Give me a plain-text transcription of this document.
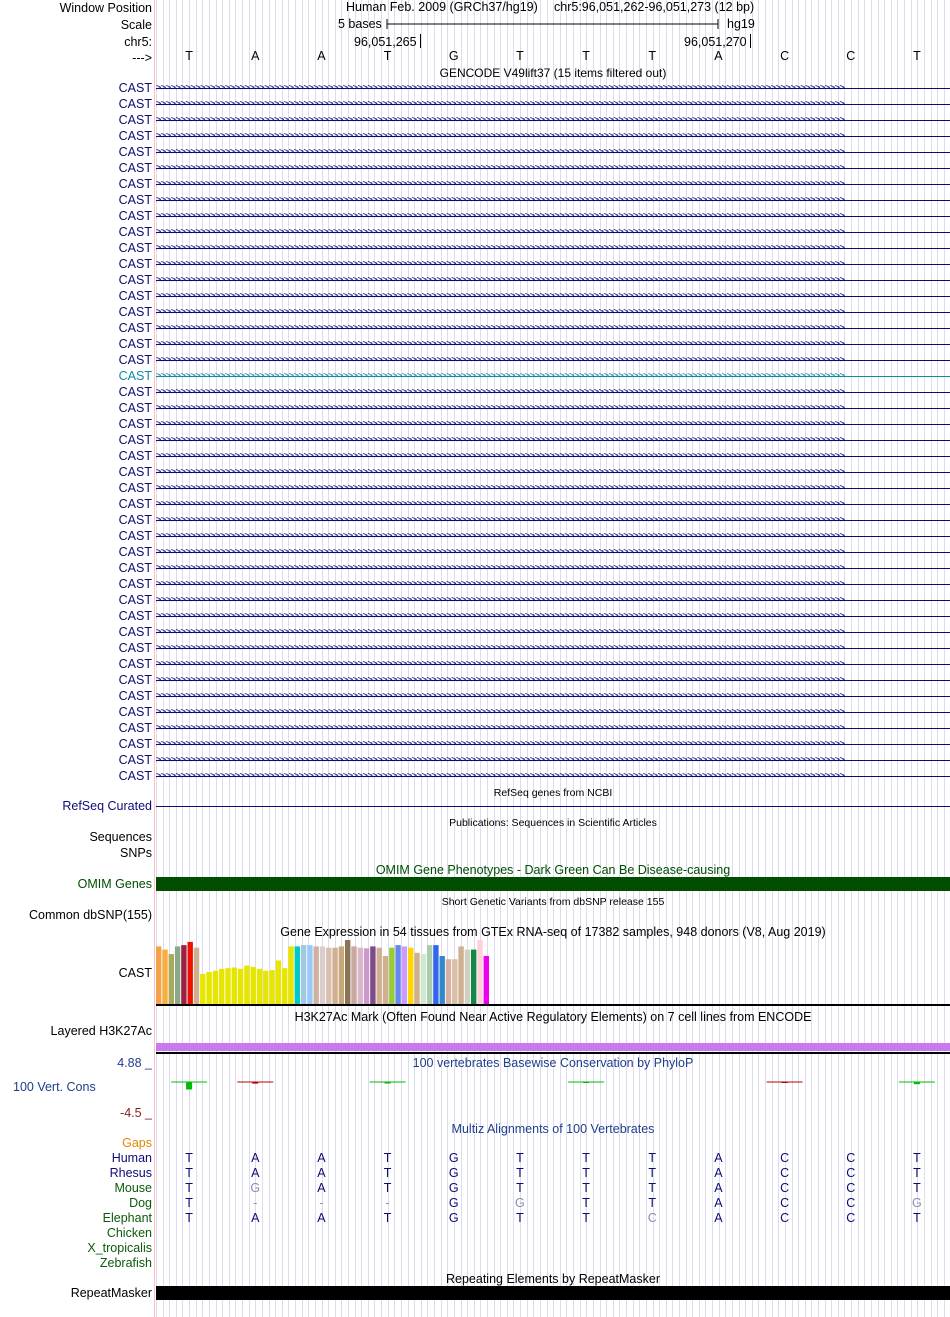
Window Position
Scale
chr5:
--->
Human Feb. 2009 (GRCh37/hg19) chr5:96,051,262-96,051,273 (12 bp)
5 bases	hg19
96,051,265	96,051,270
T	A	A	T	G	T	T	T	A	C	C	T
GENCODE V49lift37 (15 items filtered out)
CAST >>>>>>>>>>>>>>>>>>>>>>>>>>>>>>>>>>>>>>>>>>>>>>>>>>>>>>>>>>>>>>>>>>>>>>>>>>>>>>>>>>>>>>>>>>>>>>>>>>>>>>>>>>>>>>>>>>>>>>>>>>>>>>>>>>>>>>>>>>>>
CAST >>>>>>>>>>>>>>>>>>>>>>>>>>>>>>>>>>>>>>>>>>>>>>>>>>>>>>>>>>>>>>>>>>>>>>>>>>>>>>>>>>>>>>>>>>>>>>>>>>>>>>>>>>>>>>>>>>>>>>>>>>>>>>>>>>>>>>>>>>>>
CAST >>>>>>>>>>>>>>>>>>>>>>>>>>>>>>>>>>>>>>>>>>>>>>>>>>>>>>>>>>>>>>>>>>>>>>>>>>>>>>>>>>>>>>>>>>>>>>>>>>>>>>>>>>>>>>>>>>>>>>>>>>>>>>>>>>>>>>>>>>>>
CAST >>>>>>>>>>>>>>>>>>>>>>>>>>>>>>>>>>>>>>>>>>>>>>>>>>>>>>>>>>>>>>>>>>>>>>>>>>>>>>>>>>>>>>>>>>>>>>>>>>>>>>>>>>>>>>>>>>>>>>>>>>>>>>>>>>>>>>>>>>>>
CAST >>>>>>>>>>>>>>>>>>>>>>>>>>>>>>>>>>>>>>>>>>>>>>>>>>>>>>>>>>>>>>>>>>>>>>>>>>>>>>>>>>>>>>>>>>>>>>>>>>>>>>>>>>>>>>>>>>>>>>>>>>>>>>>>>>>>>>>>>>>>
CAST >>>>>>>>>>>>>>>>>>>>>>>>>>>>>>>>>>>>>>>>>>>>>>>>>>>>>>>>>>>>>>>>>>>>>>>>>>>>>>>>>>>>>>>>>>>>>>>>>>>>>>>>>>>>>>>>>>>>>>>>>>>>>>>>>>>>>>>>>>>>
CAST >>>>>>>>>>>>>>>>>>>>>>>>>>>>>>>>>>>>>>>>>>>>>>>>>>>>>>>>>>>>>>>>>>>>>>>>>>>>>>>>>>>>>>>>>>>>>>>>>>>>>>>>>>>>>>>>>>>>>>>>>>>>>>>>>>>>>>>>>>>>
CAST >>>>>>>>>>>>>>>>>>>>>>>>>>>>>>>>>>>>>>>>>>>>>>>>>>>>>>>>>>>>>>>>>>>>>>>>>>>>>>>>>>>>>>>>>>>>>>>>>>>>>>>>>>>>>>>>>>>>>>>>>>>>>>>>>>>>>>>>>>>>
CAST >>>>>>>>>>>>>>>>>>>>>>>>>>>>>>>>>>>>>>>>>>>>>>>>>>>>>>>>>>>>>>>>>>>>>>>>>>>>>>>>>>>>>>>>>>>>>>>>>>>>>>>>>>>>>>>>>>>>>>>>>>>>>>>>>>>>>>>>>>>>
CAST >>>>>>>>>>>>>>>>>>>>>>>>>>>>>>>>>>>>>>>>>>>>>>>>>>>>>>>>>>>>>>>>>>>>>>>>>>>>>>>>>>>>>>>>>>>>>>>>>>>>>>>>>>>>>>>>>>>>>>>>>>>>>>>>>>>>>>>>>>>>
CAST >>>>>>>>>>>>>>>>>>>>>>>>>>>>>>>>>>>>>>>>>>>>>>>>>>>>>>>>>>>>>>>>>>>>>>>>>>>>>>>>>>>>>>>>>>>>>>>>>>>>>>>>>>>>>>>>>>>>>>>>>>>>>>>>>>>>>>>>>>>>
CAST >>>>>>>>>>>>>>>>>>>>>>>>>>>>>>>>>>>>>>>>>>>>>>>>>>>>>>>>>>>>>>>>>>>>>>>>>>>>>>>>>>>>>>>>>>>>>>>>>>>>>>>>>>>>>>>>>>>>>>>>>>>>>>>>>>>>>>>>>>>>
CAST >>>>>>>>>>>>>>>>>>>>>>>>>>>>>>>>>>>>>>>>>>>>>>>>>>>>>>>>>>>>>>>>>>>>>>>>>>>>>>>>>>>>>>>>>>>>>>>>>>>>>>>>>>>>>>>>>>>>>>>>>>>>>>>>>>>>>>>>>>>>
CAST >>>>>>>>>>>>>>>>>>>>>>>>>>>>>>>>>>>>>>>>>>>>>>>>>>>>>>>>>>>>>>>>>>>>>>>>>>>>>>>>>>>>>>>>>>>>>>>>>>>>>>>>>>>>>>>>>>>>>>>>>>>>>>>>>>>>>>>>>>>>
CAST >>>>>>>>>>>>>>>>>>>>>>>>>>>>>>>>>>>>>>>>>>>>>>>>>>>>>>>>>>>>>>>>>>>>>>>>>>>>>>>>>>>>>>>>>>>>>>>>>>>>>>>>>>>>>>>>>>>>>>>>>>>>>>>>>>>>>>>>>>>>
CAST >>>>>>>>>>>>>>>>>>>>>>>>>>>>>>>>>>>>>>>>>>>>>>>>>>>>>>>>>>>>>>>>>>>>>>>>>>>>>>>>>>>>>>>>>>>>>>>>>>>>>>>>>>>>>>>>>>>>>>>>>>>>>>>>>>>>>>>>>>>>
CAST >>>>>>>>>>>>>>>>>>>>>>>>>>>>>>>>>>>>>>>>>>>>>>>>>>>>>>>>>>>>>>>>>>>>>>>>>>>>>>>>>>>>>>>>>>>>>>>>>>>>>>>>>>>>>>>>>>>>>>>>>>>>>>>>>>>>>>>>>>>>
CAST >>>>>>>>>>>>>>>>>>>>>>>>>>>>>>>>>>>>>>>>>>>>>>>>>>>>>>>>>>>>>>>>>>>>>>>>>>>>>>>>>>>>>>>>>>>>>>>>>>>>>>>>>>>>>>>>>>>>>>>>>>>>>>>>>>>>>>>>>>>>
CAST >>>>>>>>>>>>>>>>>>>>>>>>>>>>>>>>>>>>>>>>>>>>>>>>>>>>>>>>>>>>>>>>>>>>>>>>>>>>>>>>>>>>>>>>>>>>>>>>>>>>>>>>>>>>>>>>>>>>>>>>>>>>>>>>>>>>>>>>>>>>
CAST >>>>>>>>>>>>>>>>>>>>>>>>>>>>>>>>>>>>>>>>>>>>>>>>>>>>>>>>>>>>>>>>>>>>>>>>>>>>>>>>>>>>>>>>>>>>>>>>>>>>>>>>>>>>>>>>>>>>>>>>>>>>>>>>>>>>>>>>>>>>
CAST >>>>>>>>>>>>>>>>>>>>>>>>>>>>>>>>>>>>>>>>>>>>>>>>>>>>>>>>>>>>>>>>>>>>>>>>>>>>>>>>>>>>>>>>>>>>>>>>>>>>>>>>>>>>>>>>>>>>>>>>>>>>>>>>>>>>>>>>>>>>
CAST >>>>>>>>>>>>>>>>>>>>>>>>>>>>>>>>>>>>>>>>>>>>>>>>>>>>>>>>>>>>>>>>>>>>>>>>>>>>>>>>>>>>>>>>>>>>>>>>>>>>>>>>>>>>>>>>>>>>>>>>>>>>>>>>>>>>>>>>>>>>
CAST >>>>>>>>>>>>>>>>>>>>>>>>>>>>>>>>>>>>>>>>>>>>>>>>>>>>>>>>>>>>>>>>>>>>>>>>>>>>>>>>>>>>>>>>>>>>>>>>>>>>>>>>>>>>>>>>>>>>>>>>>>>>>>>>>>>>>>>>>>>>
CAST >>>>>>>>>>>>>>>>>>>>>>>>>>>>>>>>>>>>>>>>>>>>>>>>>>>>>>>>>>>>>>>>>>>>>>>>>>>>>>>>>>>>>>>>>>>>>>>>>>>>>>>>>>>>>>>>>>>>>>>>>>>>>>>>>>>>>>>>>>>>
CAST >>>>>>>>>>>>>>>>>>>>>>>>>>>>>>>>>>>>>>>>>>>>>>>>>>>>>>>>>>>>>>>>>>>>>>>>>>>>>>>>>>>>>>>>>>>>>>>>>>>>>>>>>>>>>>>>>>>>>>>>>>>>>>>>>>>>>>>>>>>>
CAST >>>>>>>>>>>>>>>>>>>>>>>>>>>>>>>>>>>>>>>>>>>>>>>>>>>>>>>>>>>>>>>>>>>>>>>>>>>>>>>>>>>>>>>>>>>>>>>>>>>>>>>>>>>>>>>>>>>>>>>>>>>>>>>>>>>>>>>>>>>>
CAST >>>>>>>>>>>>>>>>>>>>>>>>>>>>>>>>>>>>>>>>>>>>>>>>>>>>>>>>>>>>>>>>>>>>>>>>>>>>>>>>>>>>>>>>>>>>>>>>>>>>>>>>>>>>>>>>>>>>>>>>>>>>>>>>>>>>>>>>>>>>
CAST >>>>>>>>>>>>>>>>>>>>>>>>>>>>>>>>>>>>>>>>>>>>>>>>>>>>>>>>>>>>>>>>>>>>>>>>>>>>>>>>>>>>>>>>>>>>>>>>>>>>>>>>>>>>>>>>>>>>>>>>>>>>>>>>>>>>>>>>>>>>
CAST >>>>>>>>>>>>>>>>>>>>>>>>>>>>>>>>>>>>>>>>>>>>>>>>>>>>>>>>>>>>>>>>>>>>>>>>>>>>>>>>>>>>>>>>>>>>>>>>>>>>>>>>>>>>>>>>>>>>>>>>>>>>>>>>>>>>>>>>>>>>
CAST >>>>>>>>>>>>>>>>>>>>>>>>>>>>>>>>>>>>>>>>>>>>>>>>>>>>>>>>>>>>>>>>>>>>>>>>>>>>>>>>>>>>>>>>>>>>>>>>>>>>>>>>>>>>>>>>>>>>>>>>>>>>>>>>>>>>>>>>>>>>
CAST >>>>>>>>>>>>>>>>>>>>>>>>>>>>>>>>>>>>>>>>>>>>>>>>>>>>>>>>>>>>>>>>>>>>>>>>>>>>>>>>>>>>>>>>>>>>>>>>>>>>>>>>>>>>>>>>>>>>>>>>>>>>>>>>>>>>>>>>>>>>
CAST >>>>>>>>>>>>>>>>>>>>>>>>>>>>>>>>>>>>>>>>>>>>>>>>>>>>>>>>>>>>>>>>>>>>>>>>>>>>>>>>>>>>>>>>>>>>>>>>>>>>>>>>>>>>>>>>>>>>>>>>>>>>>>>>>>>>>>>>>>>>
CAST >>>>>>>>>>>>>>>>>>>>>>>>>>>>>>>>>>>>>>>>>>>>>>>>>>>>>>>>>>>>>>>>>>>>>>>>>>>>>>>>>>>>>>>>>>>>>>>>>>>>>>>>>>>>>>>>>>>>>>>>>>>>>>>>>>>>>>>>>>>>
CAST >>>>>>>>>>>>>>>>>>>>>>>>>>>>>>>>>>>>>>>>>>>>>>>>>>>>>>>>>>>>>>>>>>>>>>>>>>>>>>>>>>>>>>>>>>>>>>>>>>>>>>>>>>>>>>>>>>>>>>>>>>>>>>>>>>>>>>>>>>>>
CAST >>>>>>>>>>>>>>>>>>>>>>>>>>>>>>>>>>>>>>>>>>>>>>>>>>>>>>>>>>>>>>>>>>>>>>>>>>>>>>>>>>>>>>>>>>>>>>>>>>>>>>>>>>>>>>>>>>>>>>>>>>>>>>>>>>>>>>>>>>>>
CAST >>>>>>>>>>>>>>>>>>>>>>>>>>>>>>>>>>>>>>>>>>>>>>>>>>>>>>>>>>>>>>>>>>>>>>>>>>>>>>>>>>>>>>>>>>>>>>>>>>>>>>>>>>>>>>>>>>>>>>>>>>>>>>>>>>>>>>>>>>>>
CAST >>>>>>>>>>>>>>>>>>>>>>>>>>>>>>>>>>>>>>>>>>>>>>>>>>>>>>>>>>>>>>>>>>>>>>>>>>>>>>>>>>>>>>>>>>>>>>>>>>>>>>>>>>>>>>>>>>>>>>>>>>>>>>>>>>>>>>>>>>>>
CAST >>>>>>>>>>>>>>>>>>>>>>>>>>>>>>>>>>>>>>>>>>>>>>>>>>>>>>>>>>>>>>>>>>>>>>>>>>>>>>>>>>>>>>>>>>>>>>>>>>>>>>>>>>>>>>>>>>>>>>>>>>>>>>>>>>>>>>>>>>>>
CAST >>>>>>>>>>>>>>>>>>>>>>>>>>>>>>>>>>>>>>>>>>>>>>>>>>>>>>>>>>>>>>>>>>>>>>>>>>>>>>>>>>>>>>>>>>>>>>>>>>>>>>>>>>>>>>>>>>>>>>>>>>>>>>>>>>>>>>>>>>>>
CAST >>>>>>>>>>>>>>>>>>>>>>>>>>>>>>>>>>>>>>>>>>>>>>>>>>>>>>>>>>>>>>>>>>>>>>>>>>>>>>>>>>>>>>>>>>>>>>>>>>>>>>>>>>>>>>>>>>>>>>>>>>>>>>>>>>>>>>>>>>>>
CAST >>>>>>>>>>>>>>>>>>>>>>>>>>>>>>>>>>>>>>>>>>>>>>>>>>>>>>>>>>>>>>>>>>>>>>>>>>>>>>>>>>>>>>>>>>>>>>>>>>>>>>>>>>>>>>>>>>>>>>>>>>>>>>>>>>>>>>>>>>>>
CAST >>>>>>>>>>>>>>>>>>>>>>>>>>>>>>>>>>>>>>>>>>>>>>>>>>>>>>>>>>>>>>>>>>>>>>>>>>>>>>>>>>>>>>>>>>>>>>>>>>>>>>>>>>>>>>>>>>>>>>>>>>>>>>>>>>>>>>>>>>>>
CAST >>>>>>>>>>>>>>>>>>>>>>>>>>>>>>>>>>>>>>>>>>>>>>>>>>>>>>>>>>>>>>>>>>>>>>>>>>>>>>>>>>>>>>>>>>>>>>>>>>>>>>>>>>>>>>>>>>>>>>>>>>>>>>>>>>>>>>>>>>>>
CAST >>>>>>>>>>>>>>>>>>>>>>>>>>>>>>>>>>>>>>>>>>>>>>>>>>>>>>>>>>>>>>>>>>>>>>>>>>>>>>>>>>>>>>>>>>>>>>>>>>>>>>>>>>>>>>>>>>>>>>>>>>>>>>>>>>>>>>>>>>>>
RefSeq genes from NCBI
RefSeq Curated
Publications: Sequences in Scientific Articles
Sequences
SNPs
OMIM Gene Phenotypes - Dark Green Can Be Disease-causing
OMIM Genes
Short Genetic Variants from dbSNP release 155
Common dbSNP(155)
Gene Expression in 54 tissues from GTEx RNA-seq of 17382 samples, 948 donors (V8, Aug 2019)
CAST
H3K27Ac Mark (Often Found Near Active Regulatory Elements) on 7 cell lines from ENCODE
Layered H3K27Ac
100 vertebrates Basewise Conservation by PhyloP
4.88 _
100 Vert. Cons
-4.5 _
Multiz Alignments of 100 Vertebrates
Gaps
Human	T	A	A	T	G	T	T	T	A	C	C	T
Rhesus	T	A	A	T	G	T	T	T	A	C	C	T
Mouse	T	G	A	T	G	T	T	T	A	C	C	T
Dog	T	-	-	-	G	G	T	T	A	C	C	G
Elephant	T	A	A	T	G	T	T	C	A	C	C	T
Chicken
X_tropicalis
Zebrafish
Repeating Elements by RepeatMasker
RepeatMasker
